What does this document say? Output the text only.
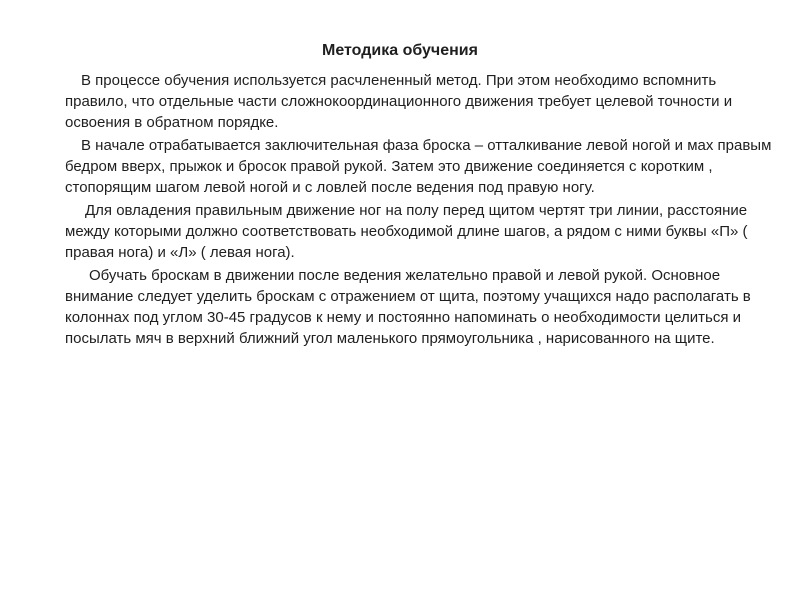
Методика обучения

В процессе обучения используется расчлененный метод. При этом необходимо вспомнить правило, что отдельные части сложнокоординационного движения требует целевой точности и освоения в обратном порядке.

В начале отрабатывается заключительная фаза броска – отталкивание левой ногой и мах правым бедром вверх, прыжок и бросок правой рукой. Затем это движение соединяется с коротким , стопорящим шагом левой ногой и с ловлей после ведения под правую ногу.

Для овладения правильным движение ног на полу перед щитом чертят три линии, расстояние между которыми должно соответствовать необходимой длине шагов, а рядом с ними буквы «П» ( правая нога) и «Л» ( левая нога).

Обучать броскам в движении после ведения желательно правой и левой рукой. Основное внимание следует уделить броскам с отражением от щита, поэтому учащихся надо располагать в колоннах под углом 30-45 градусов к нему и постоянно напоминать о необходимости целиться и посылать мяч в верхний ближний угол маленького прямоугольника , нарисованного на щите.
